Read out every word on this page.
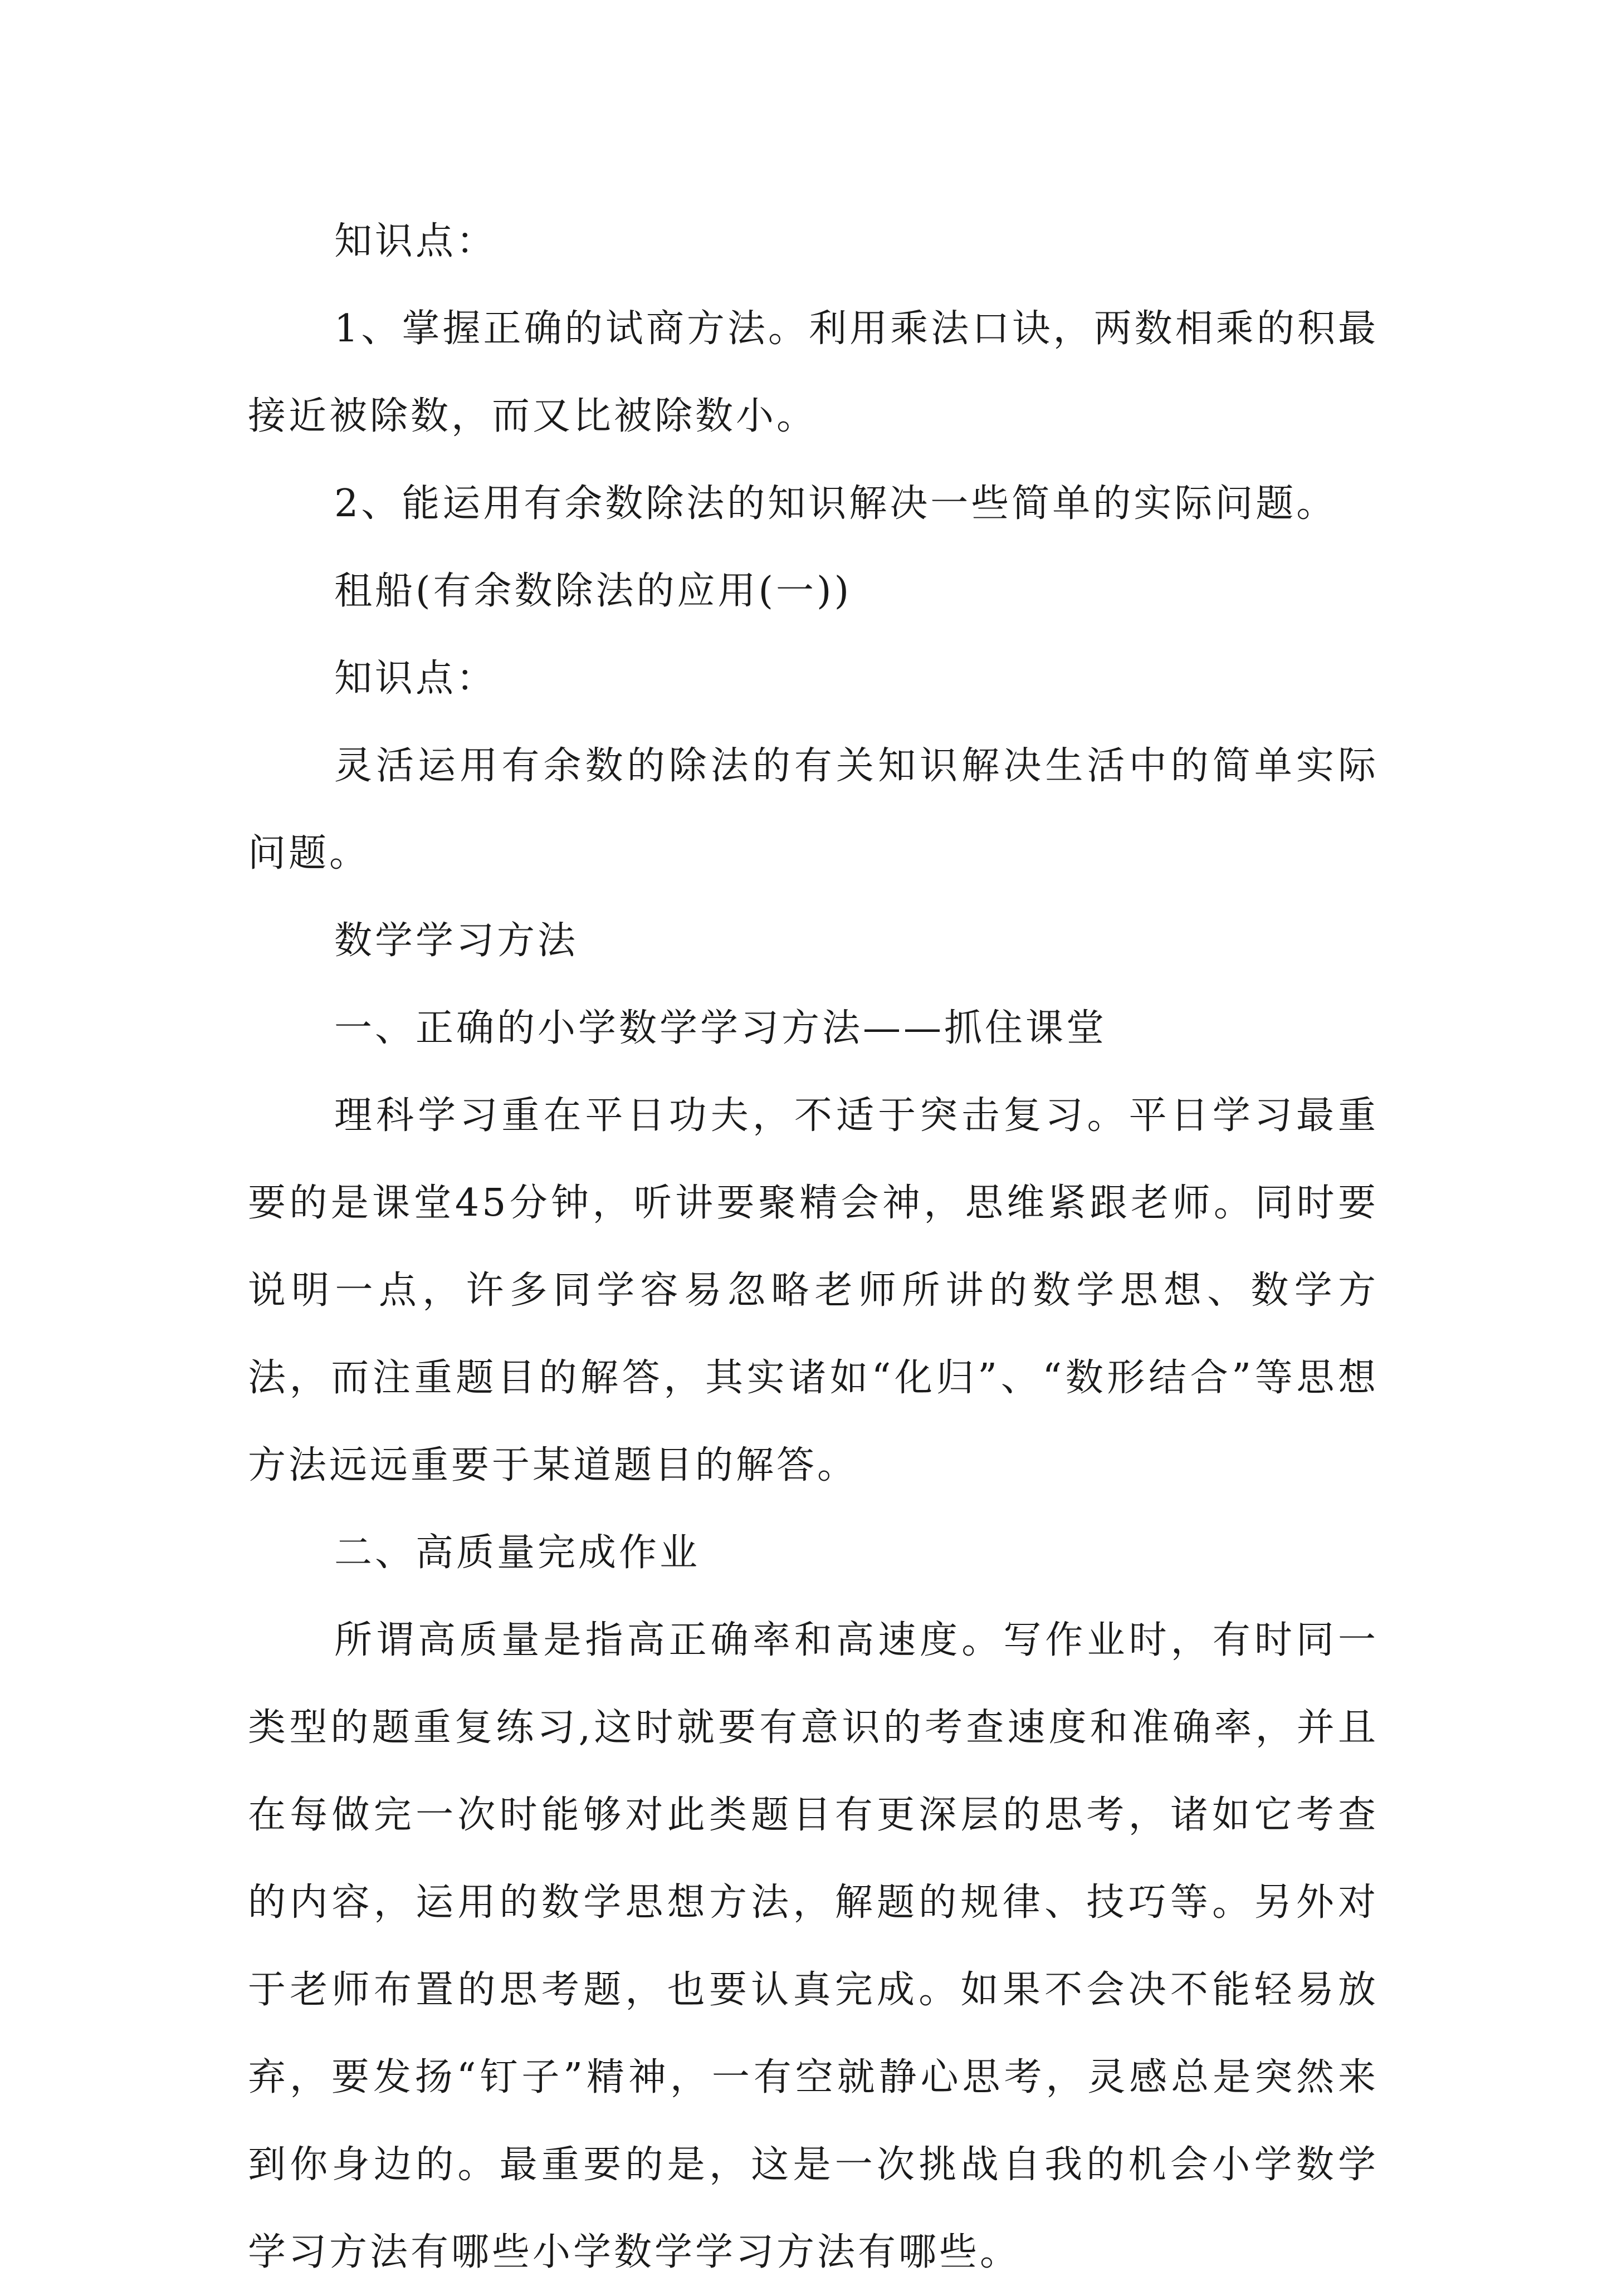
知识点：

1、掌握正确的试商方法。利用乘法口诀，两数相乘的积最接近被除数，而又比被除数小。

2、能运用有余数除法的知识解决一些简单的实际问题。

租船(有余数除法的应用(一))

知识点：

灵活运用有余数的除法的有关知识解决生活中的简单实际问题。

数学学习方法

一、正确的小学数学学习方法——抓住课堂

理科学习重在平日功夫，不适于突击复习。平日学习最重要的是课堂45分钟，听讲要聚精会神，思维紧跟老师。同时要说明一点，许多同学容易忽略老师所讲的数学思想、数学方法，而注重题目的解答，其实诸如“化归”、“数形结合”等思想方法远远重要于某道题目的解答。

二、高质量完成作业

所谓高质量是指高正确率和高速度。写作业时，有时同一类型的题重复练习,这时就要有意识的考查速度和准确率，并且在每做完一次时能够对此类题目有更深层的思考，诸如它考查的内容，运用的数学思想方法，解题的规律、技巧等。另外对于老师布置的思考题，也要认真完成。如果不会决不能轻易放弃，要发扬“钉子”精神，一有空就静心思考，灵感总是突然来到你身边的。最重要的是，这是一次挑战自我的机会小学数学学习方法有哪些小学数学学习方法有哪些。
